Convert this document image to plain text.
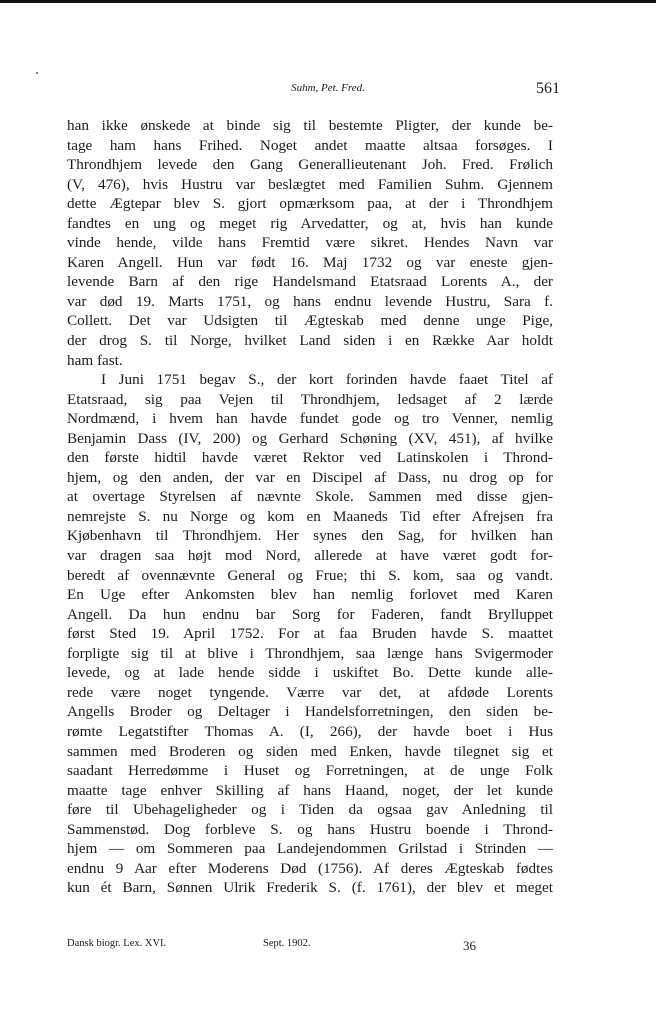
Suhm, Pet. Fred.	561
han ikke ønskede at binde sig til bestemte Pligter, der kunde be-
tage ham hans Frihed. Noget andet maatte altsaa forsøges. I
Throndhjem levede den Gang Generallieutenant Joh. Fred. Frølich
(V, 476), hvis Hustru var beslægtet med Familien Suhm. Gjennem
dette Ægtepar blev S. gjort opmærksom paa, at der i Throndhjem
fandtes en ung og meget rig Arvedatter, og at, hvis han kunde
vinde hende, vilde hans Fremtid være sikret. Hendes Navn var
Karen Angell. Hun var født 16. Maj 1732 og var eneste gjen-
levende Barn af den rige Handelsmand Etatsraad Lorents A., der
var død 19. Marts 1751, og hans endnu levende Hustru, Sara f.
Collett. Det var Udsigten til Ægteskab med denne unge Pige,
der drog S. til Norge, hvilket Land siden i en Række Aar holdt
ham fast.
I Juni 1751 begav S., der kort forinden havde faaet Titel af
Etatsraad, sig paa Vejen til Throndhjem, ledsaget af 2 lærde
Nordmænd, i hvem han havde fundet gode og tro Venner, nemlig
Benjamin Dass (IV, 200) og Gerhard Schøning (XV, 451), af hvilke
den første hidtil havde været Rektor ved Latinskolen i Thrond-
hjem, og den anden, der var en Discipel af Dass, nu drog op for
at overtage Styrelsen af nævnte Skole. Sammen med disse gjen-
nemrejste S. nu Norge og kom en Maaneds Tid efter Afrejsen fra
Kjøbenhavn til Throndhjem. Her synes den Sag, for hvilken han
var dragen saa højt mod Nord, allerede at have været godt for-
beredt af ovennævnte General og Frue; thi S. kom, saa og vandt.
En Uge efter Ankomsten blev han nemlig forlovet med Karen
Angell. Da hun endnu bar Sorg for Faderen, fandt Brylluppet
først Sted 19. April 1752. For at faa Bruden havde S. maattet
forpligte sig til at blive i Throndhjem, saa længe hans Svigermoder
levede, og at lade hende sidde i uskiftet Bo. Dette kunde alle-
rede være noget tyngende. Værre var det, at afdøde Lorents
Angells Broder og Deltager i Handelsforretningen, den siden be-
rømte Legatstifter Thomas A. (I, 266), der havde boet i Hus
sammen med Broderen og siden med Enken, havde tilegnet sig et
saadant Herredømme i Huset og Forretningen, at de unge Folk
maatte tage enhver Skilling af hans Haand, noget, der let kunde
føre til Ubehageligheder og i Tiden da ogsaa gav Anledning til
Sammenstød. Dog forbleve S. og hans Hustru boende i Thrond-
hjem — om Sommeren paa Landejendommen Grilstad i Strinden —
endnu 9 Aar efter Moderens Død (1756). Af deres Ægteskab fødtes
kun ét Barn, Sønnen Ulrik Frederik S. (f. 1761), der blev et meget
Dansk biogr. Lex. XVI.	Sept. 1902.	36
